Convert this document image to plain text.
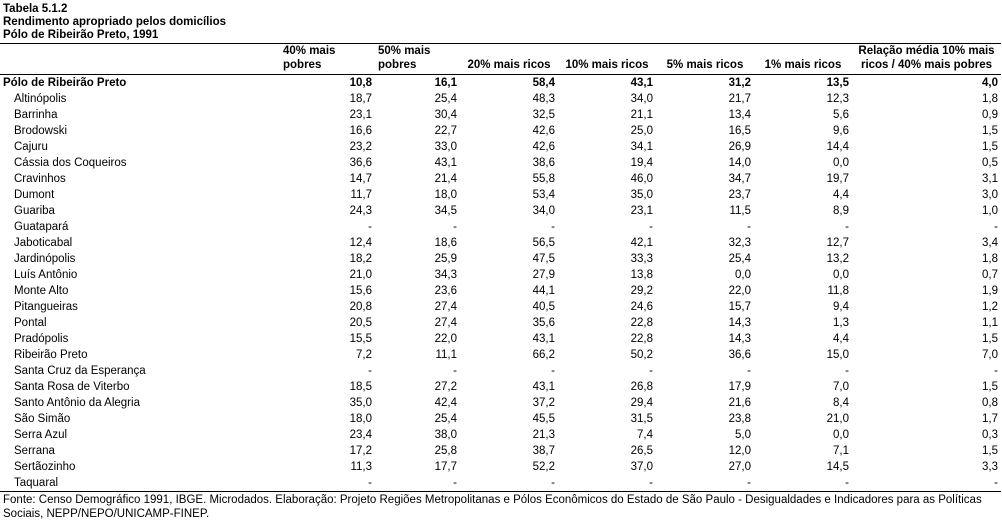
Tabela 5.1.2
Rendimento apropriado pelos domicílios
Pólo de Ribeirão Preto, 1991
	40% mais pobres	50% mais pobres	20% mais ricos	10% mais ricos	5% mais ricos	1% mais ricos	Relação média 10% mais ricos / 40% mais pobres
Pólo de Ribeirão Preto	10,8	16,1	58,4	43,1	31,2	13,5	4,0
Altinópolis	18,7	25,4	48,3	34,0	21,7	12,3	1,8
Barrinha	23,1	30,4	32,5	21,1	13,4	5,6	0,9
Brodowski	16,6	22,7	42,6	25,0	16,5	9,6	1,5
Cajuru	23,2	33,0	42,6	34,1	26,9	14,4	1,5
Cássia dos Coqueiros	36,6	43,1	38,6	19,4	14,0	0,0	0,5
Cravinhos	14,7	21,4	55,8	46,0	34,7	19,7	3,1
Dumont	11,7	18,0	53,4	35,0	23,7	4,4	3,0
Guariba	24,3	34,5	34,0	23,1	11,5	8,9	1,0
Guatapará	-	-	-	-	-	-	-
Jaboticabal	12,4	18,6	56,5	42,1	32,3	12,7	3,4
Jardinópolis	18,2	25,9	47,5	33,3	25,4	13,2	1,8
Luís Antônio	21,0	34,3	27,9	13,8	0,0	0,0	0,7
Monte Alto	15,6	23,6	44,1	29,2	22,0	11,8	1,9
Pitangueiras	20,8	27,4	40,5	24,6	15,7	9,4	1,2
Pontal	20,5	27,4	35,6	22,8	14,3	1,3	1,1
Pradópolis	15,5	22,0	43,1	22,8	14,3	4,4	1,5
Ribeirão Preto	7,2	11,1	66,2	50,2	36,6	15,0	7,0
Santa Cruz da Esperança	-	-	-	-	-	-	-
Santa Rosa de Viterbo	18,5	27,2	43,1	26,8	17,9	7,0	1,5
Santo Antônio da Alegria	35,0	42,4	37,2	29,4	21,6	8,4	0,8
São Simão	18,0	25,4	45,5	31,5	23,8	21,0	1,7
Serra Azul	23,4	38,0	21,3	7,4	5,0	0,0	0,3
Serrana	17,2	25,8	38,7	26,5	12,0	7,1	1,5
Sertãozinho	11,3	17,7	52,2	37,0	27,0	14,5	3,3
Taquaral	-	-	-	-	-	-	-
Fonte: Censo Demográfico 1991, IBGE. Microdados. Elaboração: Projeto Regiões Metropolitanas e Pólos Econômicos do Estado de São Paulo - Desigualdades e Indicadores para as Políticas Sociais, NEPP/NEPO/UNICAMP-FINEP.
